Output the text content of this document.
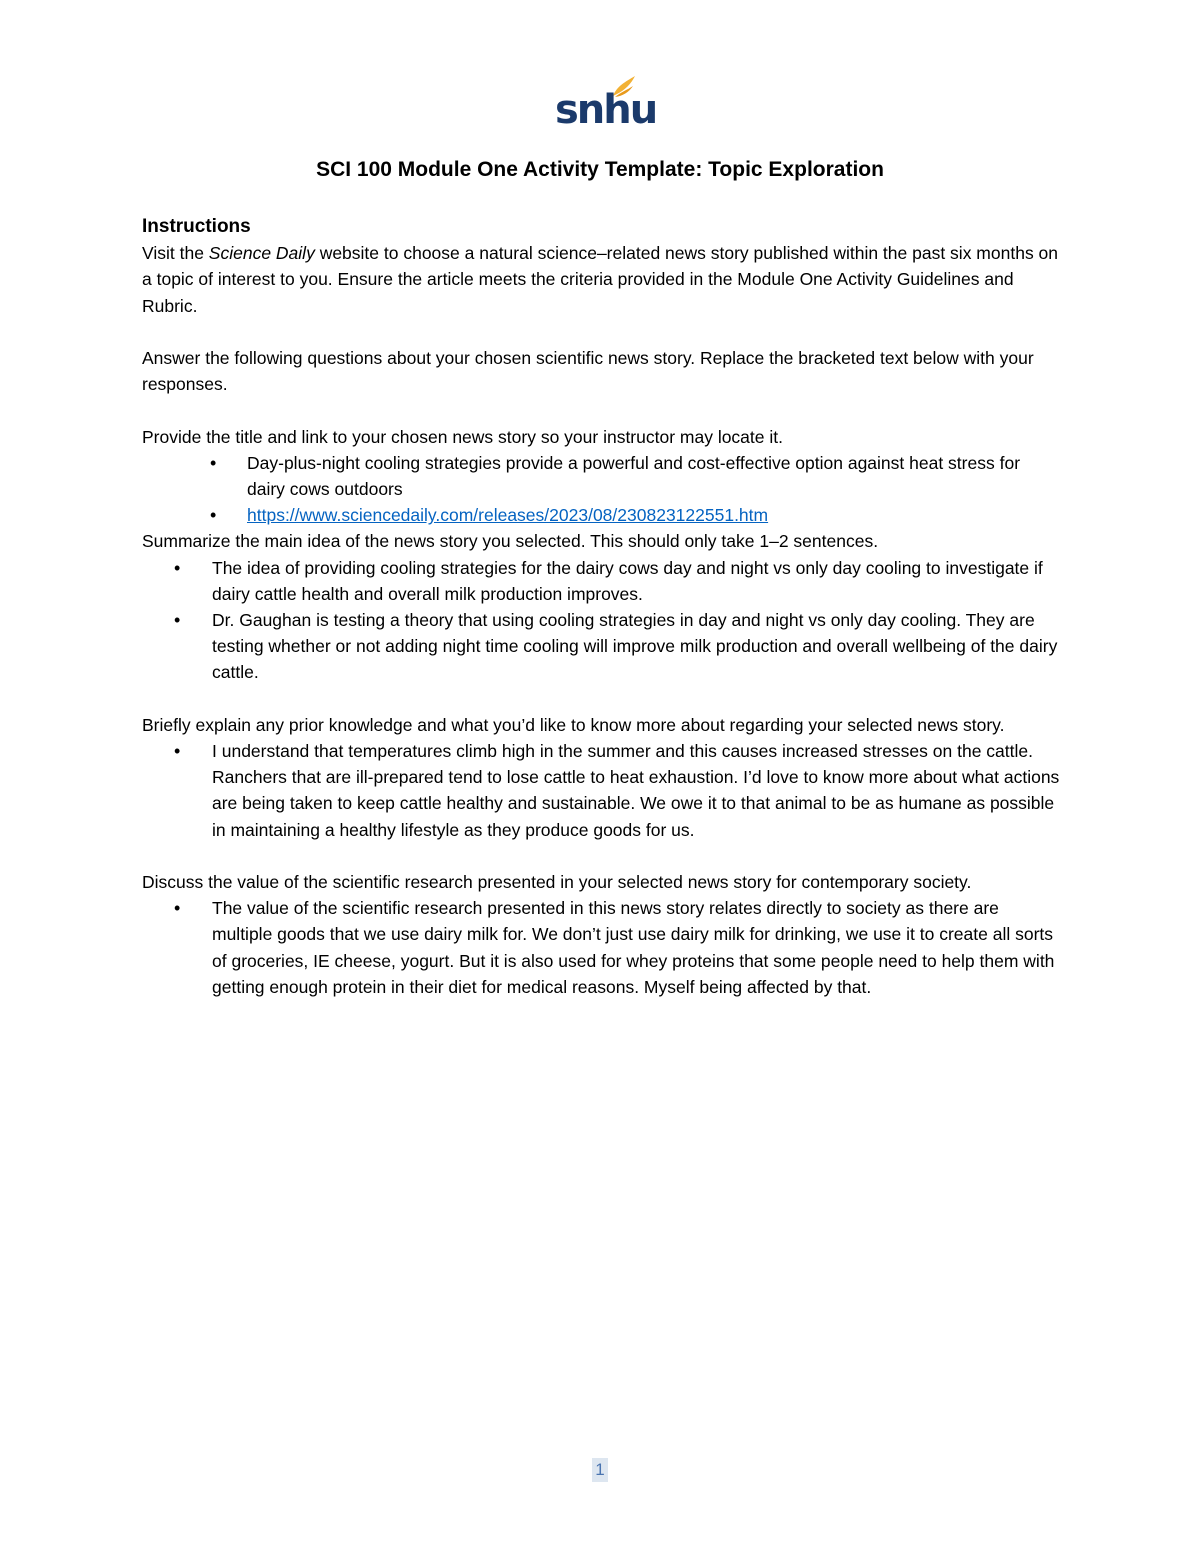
snhu
SCI 100 Module One Activity Template: Topic Exploration

Instructions

Visit the Science Daily website to choose a natural science–related news story published within the past six months on a topic of interest to you. Ensure the article meets the criteria provided in the Module One Activity Guidelines and Rubric.

Answer the following questions about your chosen scientific news story. Replace the bracketed text below with your responses.

Provide the title and link to your chosen news story so your instructor may locate it.

• Day-plus-night cooling strategies provide a powerful and cost-effective option against heat stress for dairy cows outdoors
• https://www.sciencedaily.com/releases/2023/08/230823122551.htm

Summarize the main idea of the news story you selected. This should only take 1–2 sentences.

• The idea of providing cooling strategies for the dairy cows day and night vs only day cooling to investigate if dairy cattle health and overall milk production improves.
• Dr. Gaughan is testing a theory that using cooling strategies in day and night vs only day cooling. They are testing whether or not adding night time cooling will improve milk production and overall wellbeing of the dairy cattle.

Briefly explain any prior knowledge and what you’d like to know more about regarding your selected news story.

• I understand that temperatures climb high in the summer and this causes increased stresses on the cattle. Ranchers that are ill-prepared tend to lose cattle to heat exhaustion. I’d love to know more about what actions are being taken to keep cattle healthy and sustainable. We owe it to that animal to be as humane as possible in maintaining a healthy lifestyle as they produce goods for us.

Discuss the value of the scientific research presented in your selected news story for contemporary society.

• The value of the scientific research presented in this news story relates directly to society as there are multiple goods that we use dairy milk for. We don’t just use dairy milk for drinking, we use it to create all sorts of groceries, IE cheese, yogurt. But it is also used for whey proteins that some people need to help them with getting enough protein in their diet for medical reasons. Myself being affected by that.
1
